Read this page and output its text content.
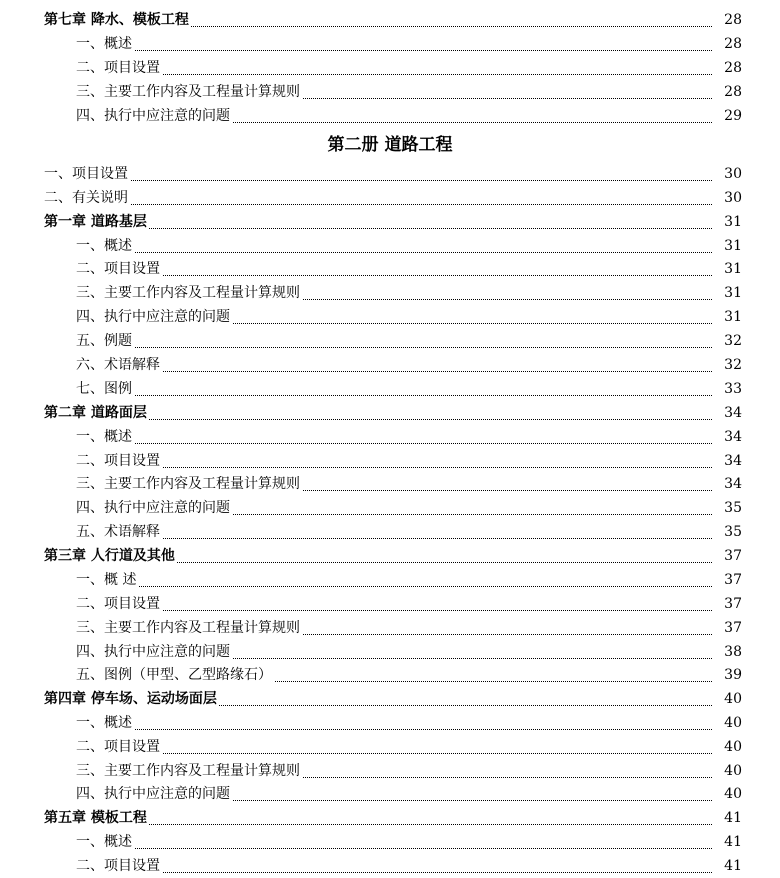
第七章 降水、模板工程	28
一、概述	28
二、项目设置	28
三、主要工作内容及工程量计算规则	28
四、执行中应注意的问题	29
第二册 道路工程
一、项目设置	30
二、有关说明	30
第一章 道路基层	31
一、概述	31
二、项目设置	31
三、主要工作内容及工程量计算规则	31
四、执行中应注意的问题	31
五、例题	32
六、术语解释	32
七、图例	33
第二章 道路面层	34
一、概述	34
二、项目设置	34
三、主要工作内容及工程量计算规则	34
四、执行中应注意的问题	35
五、术语解释	35
第三章 人行道及其他	37
一、概 述	37
二、项目设置	37
三、主要工作内容及工程量计算规则	37
四、执行中应注意的问题	38
五、图例（甲型、乙型路缘石）	39
第四章 停车场、运动场面层	40
一、概述	40
二、项目设置	40
三、主要工作内容及工程量计算规则	40
四、执行中应注意的问题	40
第五章 模板工程	41
一、概述	41
二、项目设置	41
